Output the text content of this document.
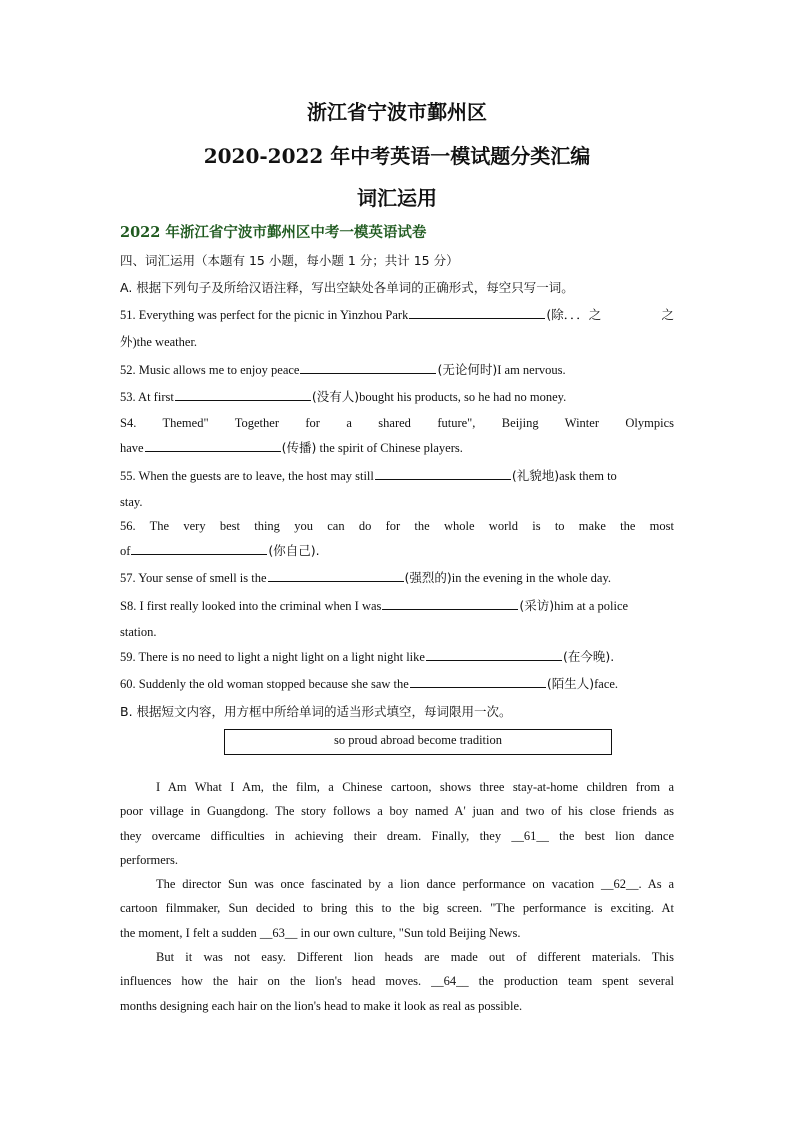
浙江省宁波市鄞州区
2020-2022 年中考英语一模试题分类汇编
词汇运用
2022 年浙江省宁波市鄞州区中考一模英语试卷
四、词汇运用（本题有 15 小题，每小题 1 分；共计 15 分）
A. 根据下列句子及所给汉语注释，写出空缺处各单词的正确形式，每空只写一词。
51. Everything was perfect for the picnic in Yinzhou Park	(除．．．之	之
外)the weather.
52. Music allows me to enjoy peace	(无论何时)I am nervous.
53. At first	(没有人)bought his products, so he had no money.
S4. Themed" Together for a shared future", Beijing Winter Olympics
have	(传播) the spirit of Chinese players.
55. When the guests are to leave, the host may still	(礼貌地)ask them to
stay.
56. The very best thing you can do for the whole world is to make the most
of	(你自己).
57. Your sense of smell is the	(强烈的)in the evening in the whole day.
S8. I first really looked into the criminal when I was	(采访)him at a police
station.
59. There is no need to light a night light on a light night like	(在今晚).
60. Suddenly the old woman stopped because she saw the	(陌生人)face.
B. 根据短文内容，用方框中所给单词的适当形式填空，每词限用一次。
so proud abroad become tradition
I Am What I Am, the film, a Chinese cartoon, shows three stay-at-home children from a
poor village in Guangdong. The story follows a boy named A' juan and two of his close friends as
they overcame difficulties in achieving their dream. Finally, they __61__ the best lion dance
performers.
The director Sun was once fascinated by a lion dance performance on vacation __62__. As a
cartoon filmmaker, Sun decided to bring this to the big screen. "The performance is exciting. At
the moment, I felt a sudden __63__ in our own culture, "Sun told Beijing News.
But it was not easy. Different lion heads are made out of different materials. This
influences how the hair on the lion's head moves. __64__ the production team spent several
months designing each hair on the lion's head to make it look as real as possible.
